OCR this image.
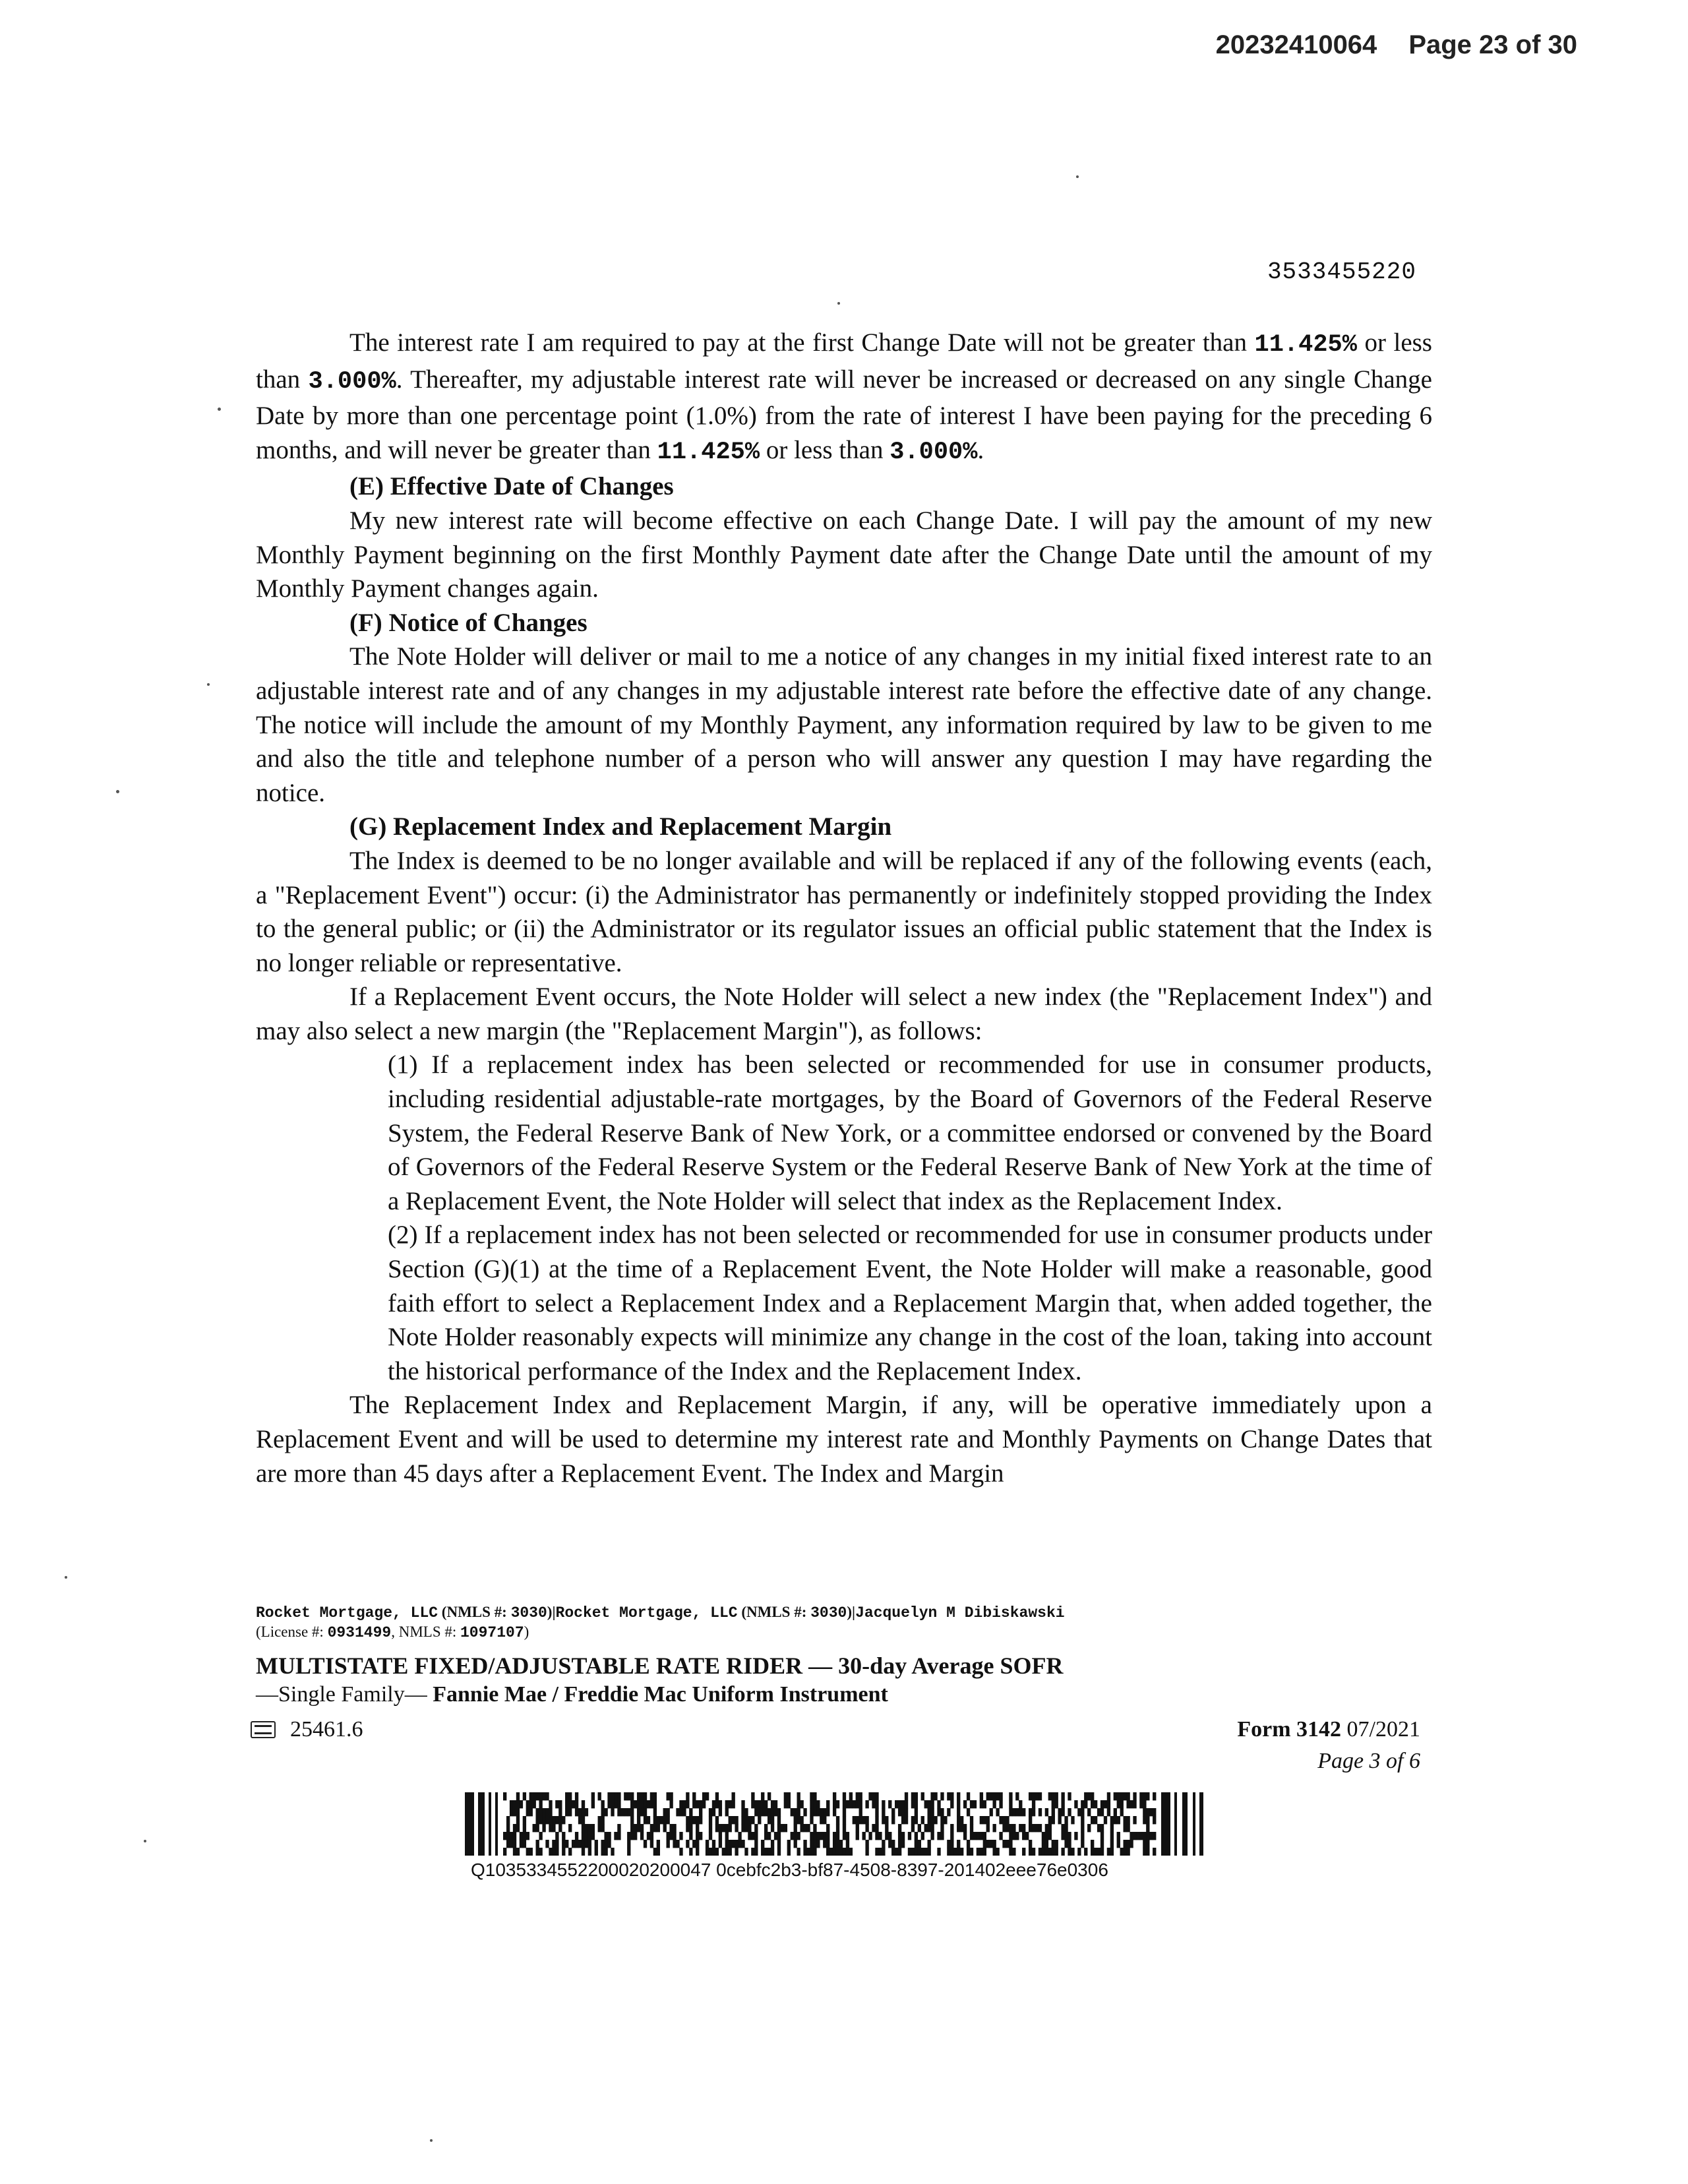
20232410064 Page 23 of 30
3533455220

The interest rate I am required to pay at the first Change Date will not be greater than 11.425% or less than 3.000%. Thereafter, my adjustable interest rate will never be increased or decreased on any single Change Date by more than one percentage point (1.0%) from the rate of interest I have been paying for the preceding 6 months, and will never be greater than 11.425% or less than 3.000%.

(E) Effective Date of Changes

My new interest rate will become effective on each Change Date. I will pay the amount of my new Monthly Payment beginning on the first Monthly Payment date after the Change Date until the amount of my Monthly Payment changes again.

(F) Notice of Changes

The Note Holder will deliver or mail to me a notice of any changes in my initial fixed interest rate to an adjustable interest rate and of any changes in my adjustable interest rate before the effective date of any change. The notice will include the amount of my Monthly Payment, any information required by law to be given to me and also the title and telephone number of a person who will answer any question I may have regarding the notice.

(G) Replacement Index and Replacement Margin

The Index is deemed to be no longer available and will be replaced if any of the following events (each, a "Replacement Event") occur: (i) the Administrator has permanently or indefinitely stopped providing the Index to the general public; or (ii) the Administrator or its regulator issues an official public statement that the Index is no longer reliable or representative.

If a Replacement Event occurs, the Note Holder will select a new index (the "Replacement Index") and may also select a new margin (the "Replacement Margin"), as follows:

(1) If a replacement index has been selected or recommended for use in consumer products, including residential adjustable-rate mortgages, by the Board of Governors of the Federal Reserve System, the Federal Reserve Bank of New York, or a committee endorsed or convened by the Board of Governors of the Federal Reserve System or the Federal Reserve Bank of New York at the time of a Replacement Event, the Note Holder will select that index as the Replacement Index.

(2) If a replacement index has not been selected or recommended for use in consumer products under Section (G)(1) at the time of a Replacement Event, the Note Holder will make a reasonable, good faith effort to select a Replacement Index and a Replacement Margin that, when added together, the Note Holder reasonably expects will minimize any change in the cost of the loan, taking into account the historical performance of the Index and the Replacement Index.

The Replacement Index and Replacement Margin, if any, will be operative immediately upon a Replacement Event and will be used to determine my interest rate and Monthly Payments on Change Dates that are more than 45 days after a Replacement Event. The Index and Margin

Rocket Mortgage, LLC (NMLS #: 3030)|Rocket Mortgage, LLC (NMLS #: 3030)|Jacquelyn M Dibiskawski
(License #: 0931499, NMLS #: 1097107)
MULTISTATE FIXED/ADJUSTABLE RATE RIDER — 30-day Average SOFR
—Single Family— Fannie Mae / Freddie Mac Uniform Instrument
25461.6	Form 3142 07/2021
Page 3 of 6
Q1035334552200020200047 0cebfc2b3-bf87-4508-8397-201402eee76e0306
